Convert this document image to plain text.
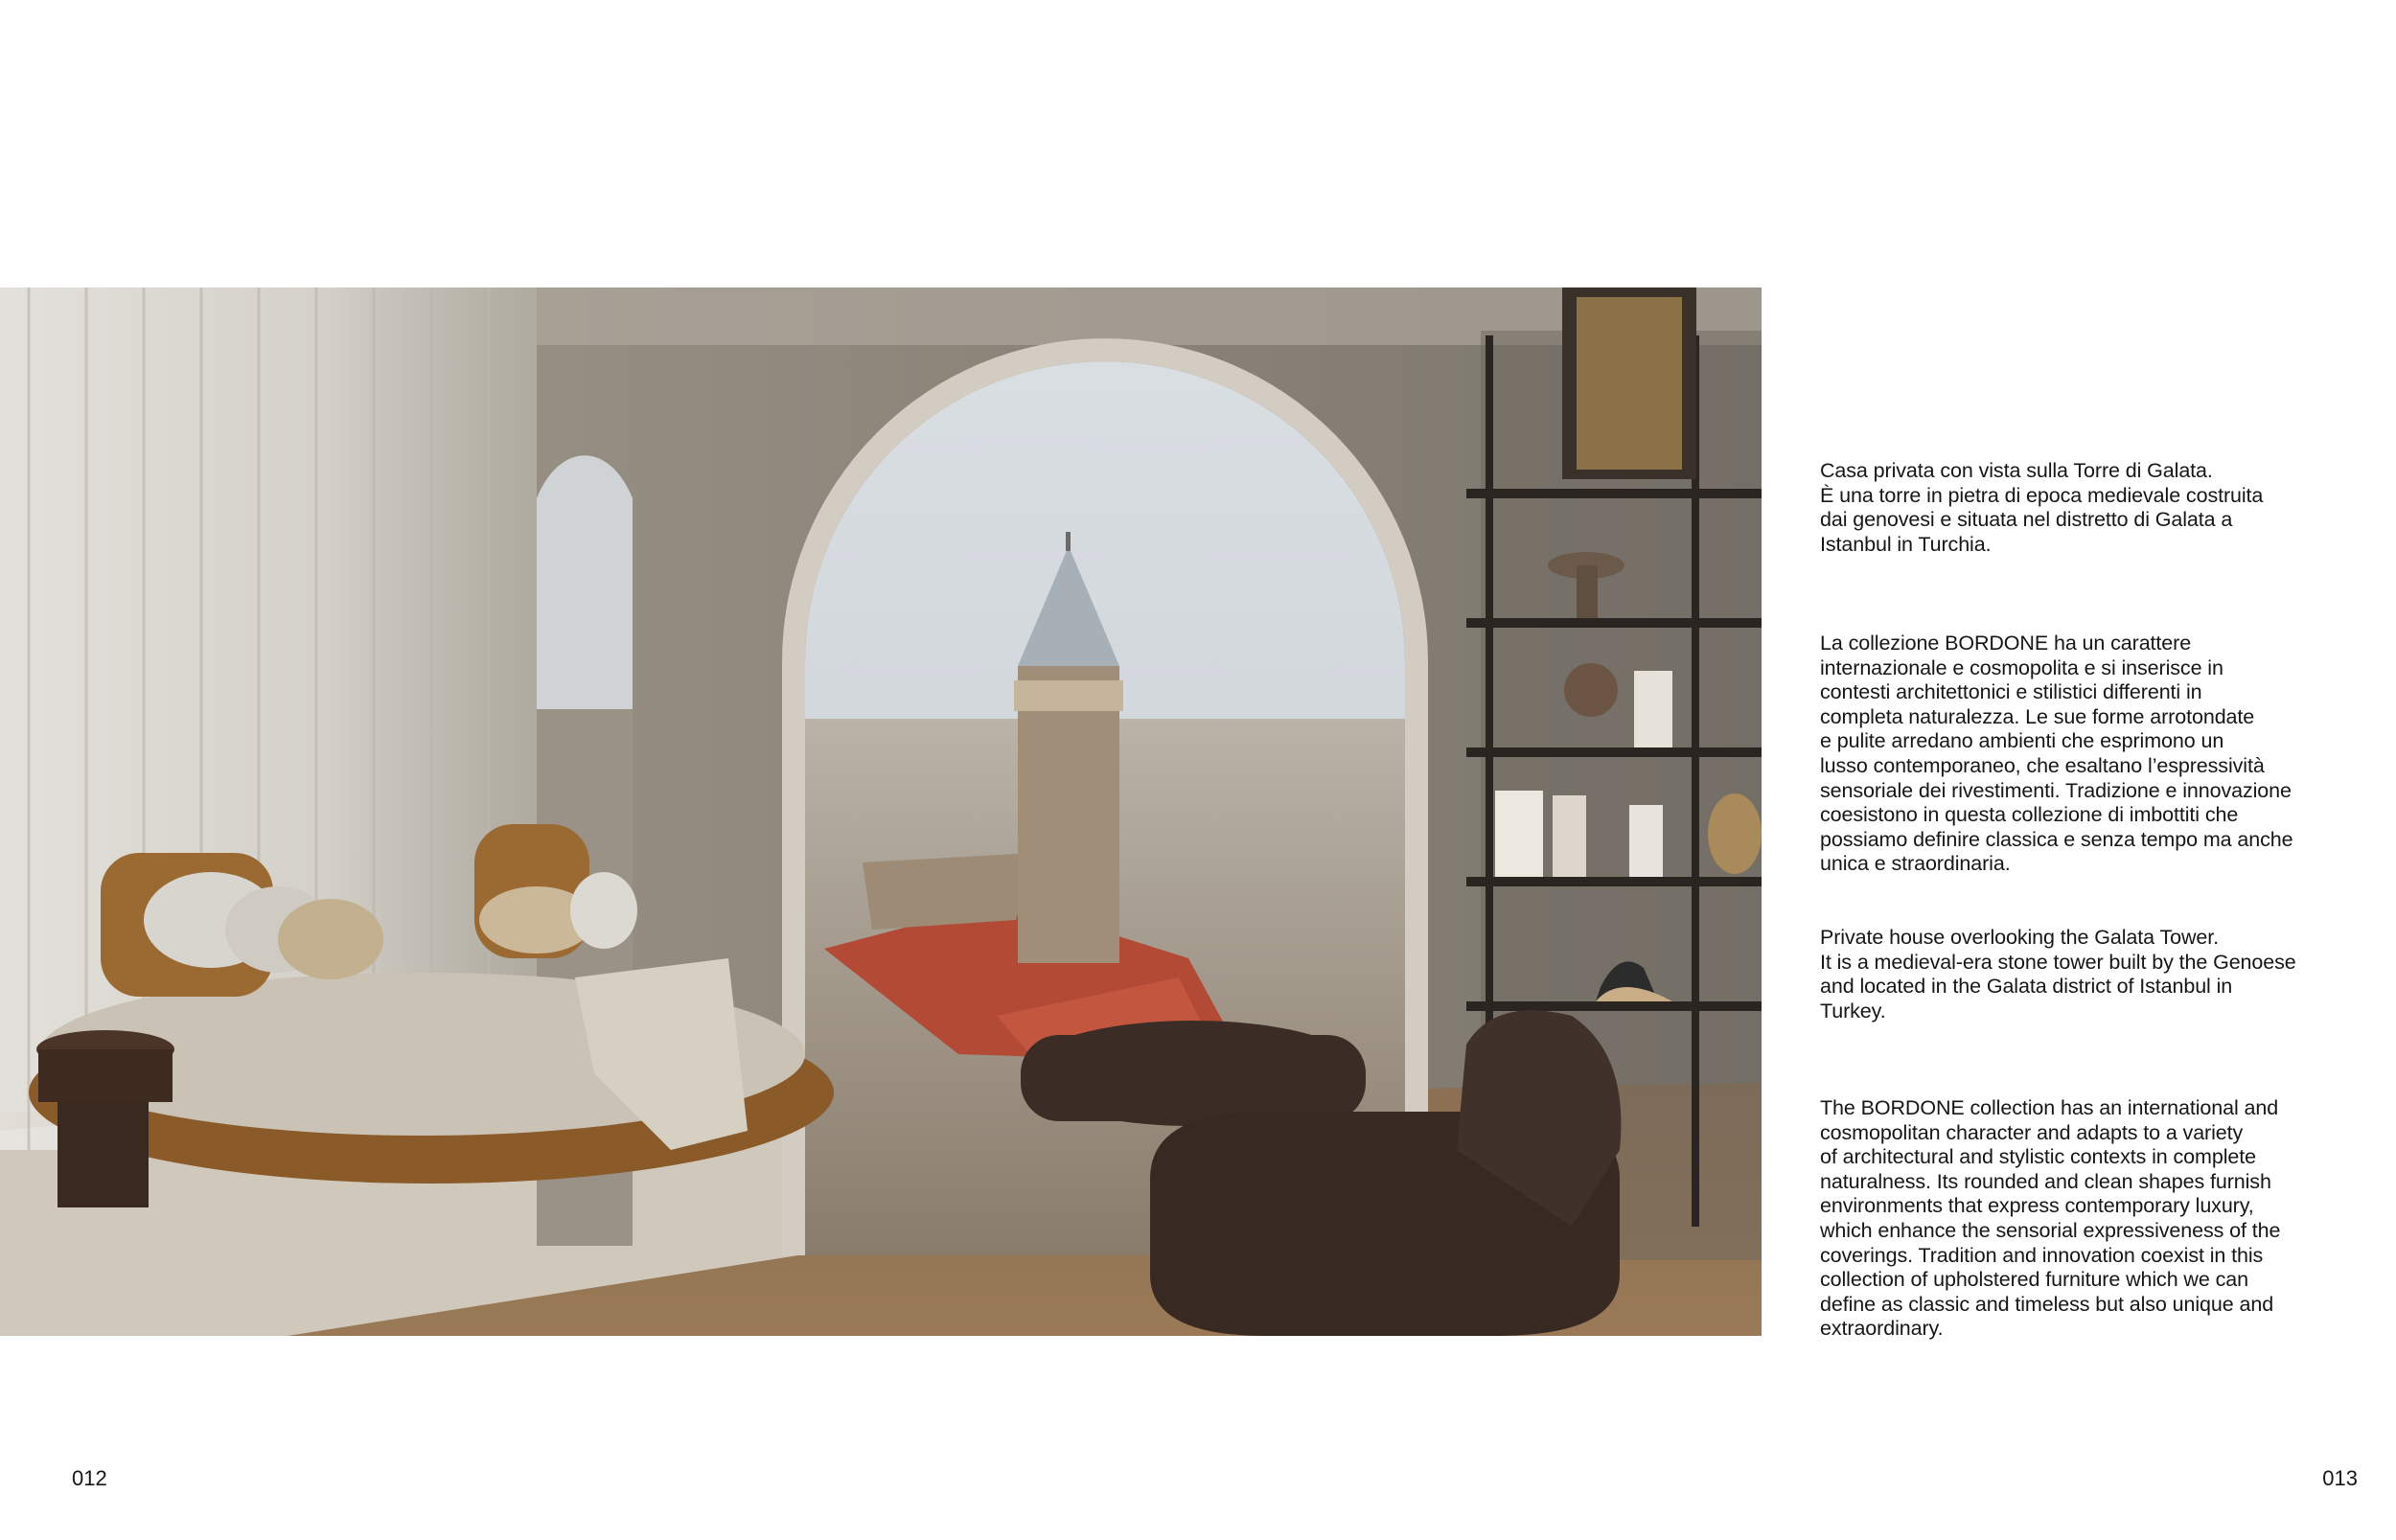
Casa privata con vista sulla Torre di Galata.
È una torre in pietra di epoca medievale costruita
dai genovesi e situata nel distretto di Galata a
Istanbul in Turchia.

La collezione BORDONE ha un carattere
internazionale e cosmopolita e si inserisce in
contesti architettonici e stilistici differenti in
completa naturalezza. Le sue forme arrotondate
e pulite arredano ambienti che esprimono un
lusso contemporaneo, che esaltano l’espressività
sensoriale dei rivestimenti. Tradizione e innovazione
coesistono in questa collezione di imbottiti che
possiamo definire classica e senza tempo ma anche
unica e straordinaria.

Private house overlooking the Galata Tower.
It is a medieval-era stone tower built by the Genoese
and located in the Galata district of Istanbul in
Turkey.

The BORDONE collection has an international and
cosmopolitan character and adapts to a variety
of architectural and stylistic contexts in complete
naturalness. Its rounded and clean shapes furnish
environments that express contemporary luxury,
which enhance the sensorial expressiveness of the
coverings. Tradition and innovation coexist in this
collection of upholstered furniture which we can
define as classic and timeless but also unique and
extraordinary.

012	013
